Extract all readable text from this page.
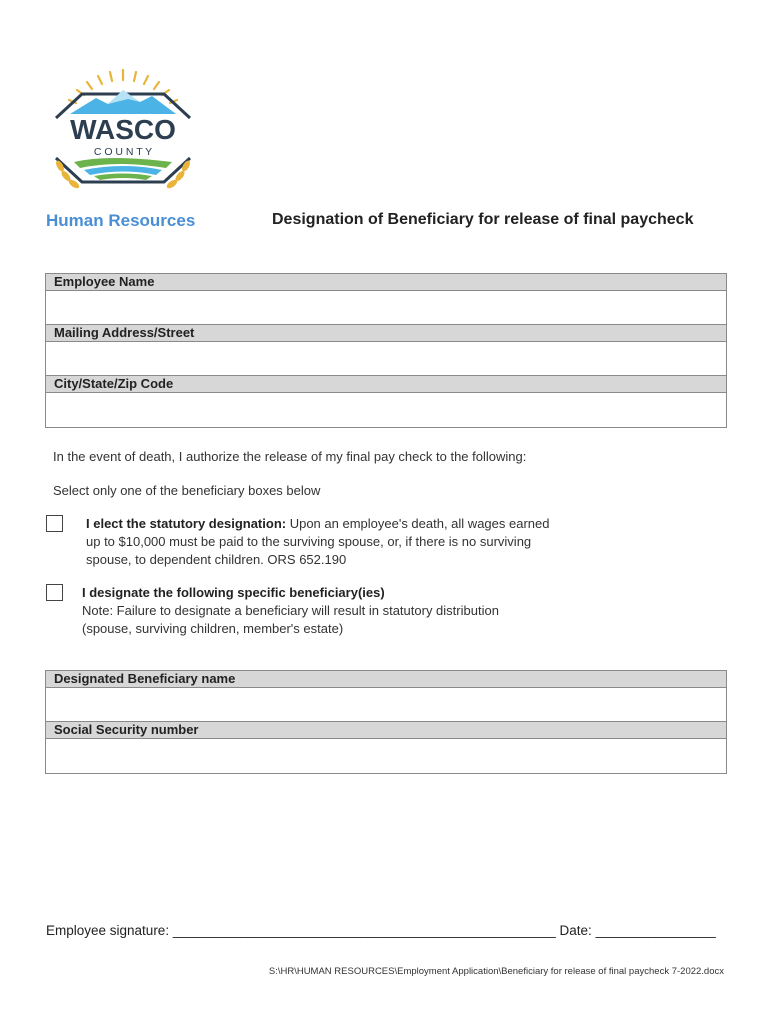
WASCO
C O U N T Y
Human Resources	Designation of Beneficiary for release of final paycheck
Employee Name
Mailing Address/Street
City/State/Zip Code
In the event of death, I authorize the release of my final pay check to the following:
Select only one of the beneficiary boxes below
I elect the statutory designation: Upon an employee's death, all wages earned
up to $10,000 must be paid to the surviving spouse, or, if there is no surviving
spouse, to dependent children. ORS 652.190
I designate the following specific beneficiary(ies)
Note: Failure to designate a beneficiary will result in statutory distribution
(spouse, surviving children, member's estate)
Designated Beneficiary name
Social Security number
Employee signature: ___________________________________________________ Date: ________________
S:\HR\HUMAN RESOURCES\Employment Application\Beneficiary for release of final paycheck 7-2022.docx
